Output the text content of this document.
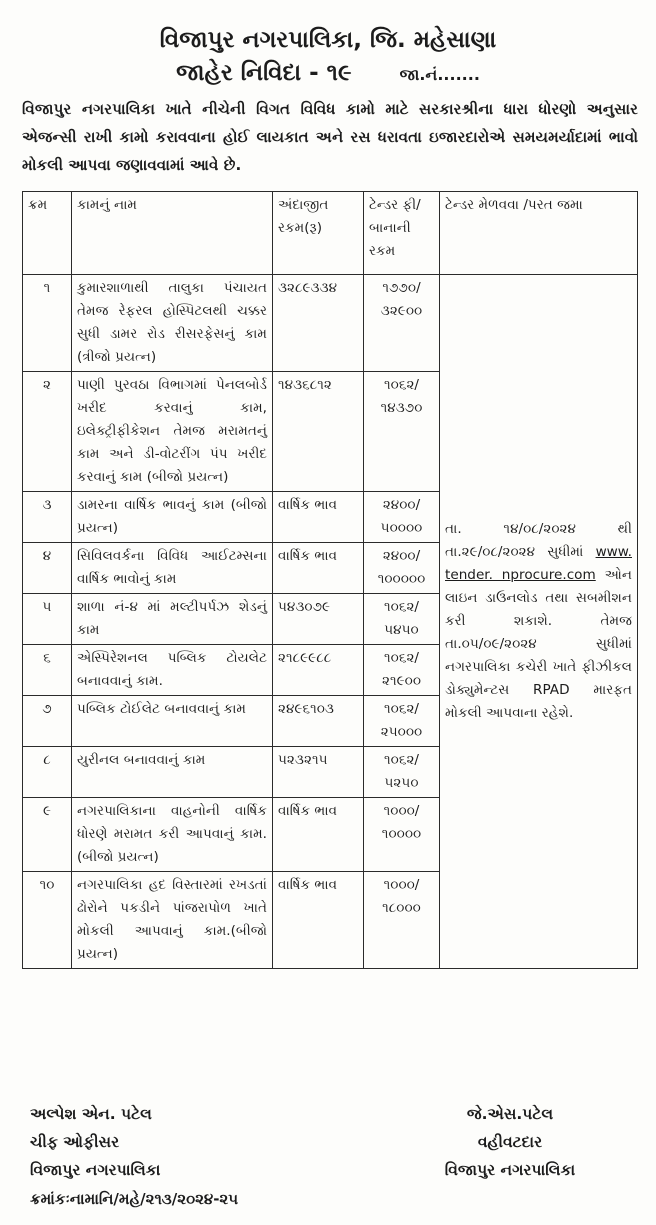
વિજાપુર નગરપાલિકા, જિ. મહેસાણા
જાહેર નિવિદા - ૧૯	જા.નં.......
વિજાપુર નગરપાલિકા ખાતે નીચેની વિગત વિવિધ કામો માટે સરકારશ્રીના ધારા ધોરણો અનુસાર એજન્સી રાખી કામો કરાવવાના હોઈ લાયકાત અને રસ ધરાવતા ઇજારદારોએ સમયમર્યાદામાં ભાવો મોકલી આપવા જણાવવામાં આવે છે.
ક્રમ	કામનું નામ	અંદાજીત રકમ(રૂ)	ટેન્ડર ફી/ બાનાની રકમ	ટેન્ડર મેળવવા /પરત જમા
૧	કુમારશાળાથી તાલુકા પંચાયત તેમજ રેફરલ હોસ્પિટલથી ચક્કર સુધી ડામર રોડ રીસરફેસનું કામ (ત્રીજો પ્રયત્ન)	૩૨૮૯૩૩૪	૧૭૭૦/ ૩૨૯૦૦	તા. ૧૪/૦૮/૨૦૨૪ થી તા.૨૯/૦૮/૨૦૨૪ સુધીમાં www. tender. nprocure.com ઓન લાઇન ડાઉનલોડ તથા સબમીશન કરી શકાશે. તેમજ તા.૦૫/૦૯/૨૦૨૪ સુધીમાં નગરપાલિકા કચેરી ખાતે ફીઝીકલ ડોક્યુમેન્ટસ RPAD મારફત મોકલી આપવાના રહેશે.
૨	પાણી પુરવઠા વિભાગમાં પેનલબોર્ડ ખરીદ કરવાનું કામ, ઇલેક્ટ્રીફીકેશન તેમજ મરામતનું કામ અને ડી-વોટરીંગ પંપ ખરીદ કરવાનું કામ (બીજો પ્રયત્ન)	૧૪૩૬૮૧૨	૧૦૬૨/ ૧૪૩૭૦	
૩	ડામરના વાર્ષિક ભાવનું કામ (બીજો પ્રયત્ન)	વાર્ષિક ભાવ	૨૪૦૦/ ૫૦૦૦૦	
૪	સિવિલવર્કના વિવિધ આઈટમ્સના વાર્ષિક ભાવોનું કામ	વાર્ષિક ભાવ	૨૪૦૦/ ૧૦૦૦૦૦	
૫	શાળા નં-૪ માં મલ્ટીપર્પઝ શેડનું કામ	૫૪૩૦૭૯	૧૦૬૨/ ૫૪૫૦	
૬	એસ્પિરેશનલ પબ્લિક ટોયલેટ બનાવવાનું કામ.	૨૧૮૯૯૮૮	૧૦૬૨/ ૨૧૯૦૦	
૭	પબ્લિક ટોઈલેટ બનાવવાનું કામ	૨૪૯૬૧૦૩	૧૦૬૨/ ૨૫૦૦૦	
૮	યુરીનલ બનાવવાનું કામ	૫૨૩૨૧૫	૧૦૬૨/ ૫૨૫૦	
૯	નગરપાલિકાના વાહનોની વાર્ષિક ધોરણે મરામત કરી આપવાનું કામ.(બીજો પ્રયત્ન)	વાર્ષિક ભાવ	૧૦૦૦/ ૧૦૦૦૦	
૧૦	નગરપાલિકા હદ વિસ્તારમાં રખડતાં ઢોરોને પકડીને પાંજરાપોળ ખાતે મોકલી આપવાનું કામ.(બીજો પ્રયત્ન)	વાર્ષિક ભાવ	૧૦૦૦/ ૧૮૦૦૦	
અલ્પેશ એન. પટેલ
ચીફ ઓફીસર
વિજાપુર નગરપાલિકા
જે.એસ.પટેલ
વહીવટદાર
વિજાપુર નગરપાલિકા
ક્રમાંકઃનામાનિ/મહે/૨૧૩/૨૦૨૪-૨૫
